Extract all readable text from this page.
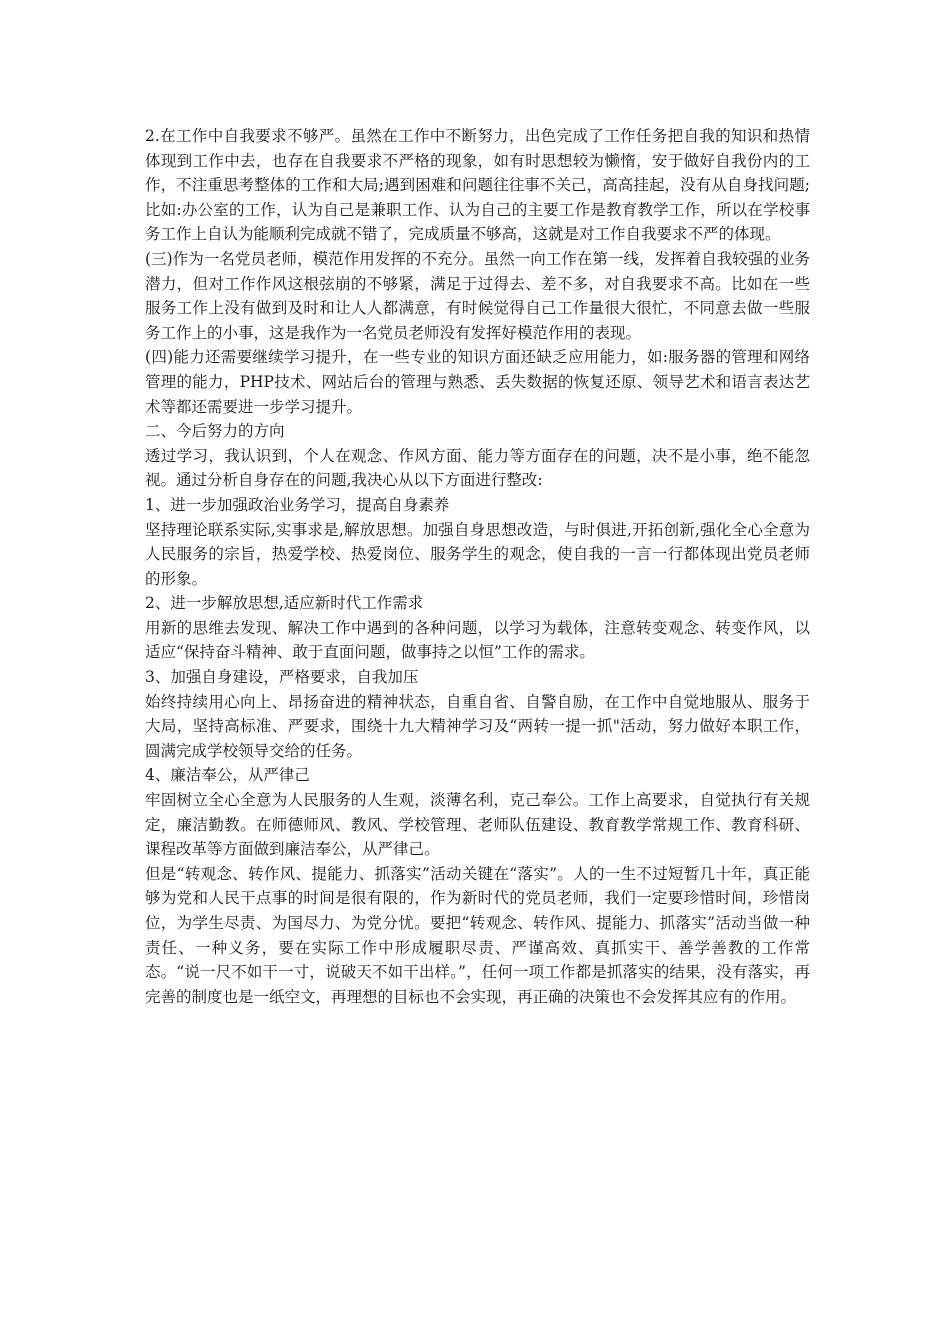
2.在工作中自我要求不够严。虽然在工作中不断努力，出色完成了工作任务把自我的知识和热情体现到工作中去，也存在自我要求不严格的现象，如有时思想较为懒惰，安于做好自我份内的工作，不注重思考整体的工作和大局;遇到困难和问题往往事不关己，高高挂起，没有从自身找问题;比如:办公室的工作，认为自己是兼职工作、认为自己的主要工作是教育教学工作，所以在学校事务工作上自认为能顺利完成就不错了，完成质量不够高，这就是对工作自我要求不严的体现。

(三)作为一名党员老师，模范作用发挥的不充分。虽然一向工作在第一线，发挥着自我较强的业务潜力，但对工作作风这根弦崩的不够紧，满足于过得去、差不多，对自我要求不高。比如在一些服务工作上没有做到及时和让人人都满意，有时候觉得自己工作量很大很忙，不同意去做一些服务工作上的小事，这是我作为一名党员老师没有发挥好模范作用的表现。

(四)能力还需要继续学习提升，在一些专业的知识方面还缺乏应用能力，如:服务器的管理和网络管理的能力，PHP技术、网站后台的管理与熟悉、丢失数据的恢复还原、领导艺术和语言表达艺术等都还需要进一步学习提升。

二、今后努力的方向

透过学习，我认识到，个人在观念、作风方面、能力等方面存在的问题，决不是小事，绝不能忽视。通过分析自身存在的问题,我决心从以下方面进行整改:

1、进一步加强政治业务学习，提高自身素养

坚持理论联系实际,实事求是,解放思想。加强自身思想改造，与时俱进,开拓创新,强化全心全意为人民服务的宗旨，热爱学校、热爱岗位、服务学生的观念，使自我的一言一行都体现出党员老师的形象。

2、进一步解放思想,适应新时代工作需求

用新的思维去发现、解决工作中遇到的各种问题，以学习为载体，注意转变观念、转变作风，以适应“保持奋斗精神、敢于直面问题，做事持之以恒”工作的需求。

3、加强自身建设，严格要求，自我加压

始终持续用心向上、昂扬奋进的精神状态，自重自省、自警自励，在工作中自觉地服从、服务于大局，坚持高标准、严要求，围绕十九大精神学习及“两转一提一抓"活动，努力做好本职工作，圆满完成学校领导交给的任务。

4、廉洁奉公，从严律己

牢固树立全心全意为人民服务的人生观，淡薄名利，克己奉公。工作上高要求，自觉执行有关规定，廉洁勤教。在师德师风、教风、学校管理、老师队伍建设、教育教学常规工作、教育科研、课程改革等方面做到廉洁奉公，从严律己。

但是“转观念、转作风、提能力、抓落实”活动关键在“落实”。人的一生不过短暂几十年，真正能够为党和人民干点事的时间是很有限的，作为新时代的党员老师，我们一定要珍惜时间，珍惜岗位，为学生尽责、为国尽力、为党分忧。要把“转观念、转作风、提能力、抓落实”活动当做一种责任、一种义务，要在实际工作中形成履职尽责、严谨高效、真抓实干、善学善教的工作常态。“说一尺不如干一寸，说破天不如干出样。”，任何一项工作都是抓落实的结果，没有落实，再完善的制度也是一纸空文，再理想的目标也不会实现，再正确的决策也不会发挥其应有的作用。
